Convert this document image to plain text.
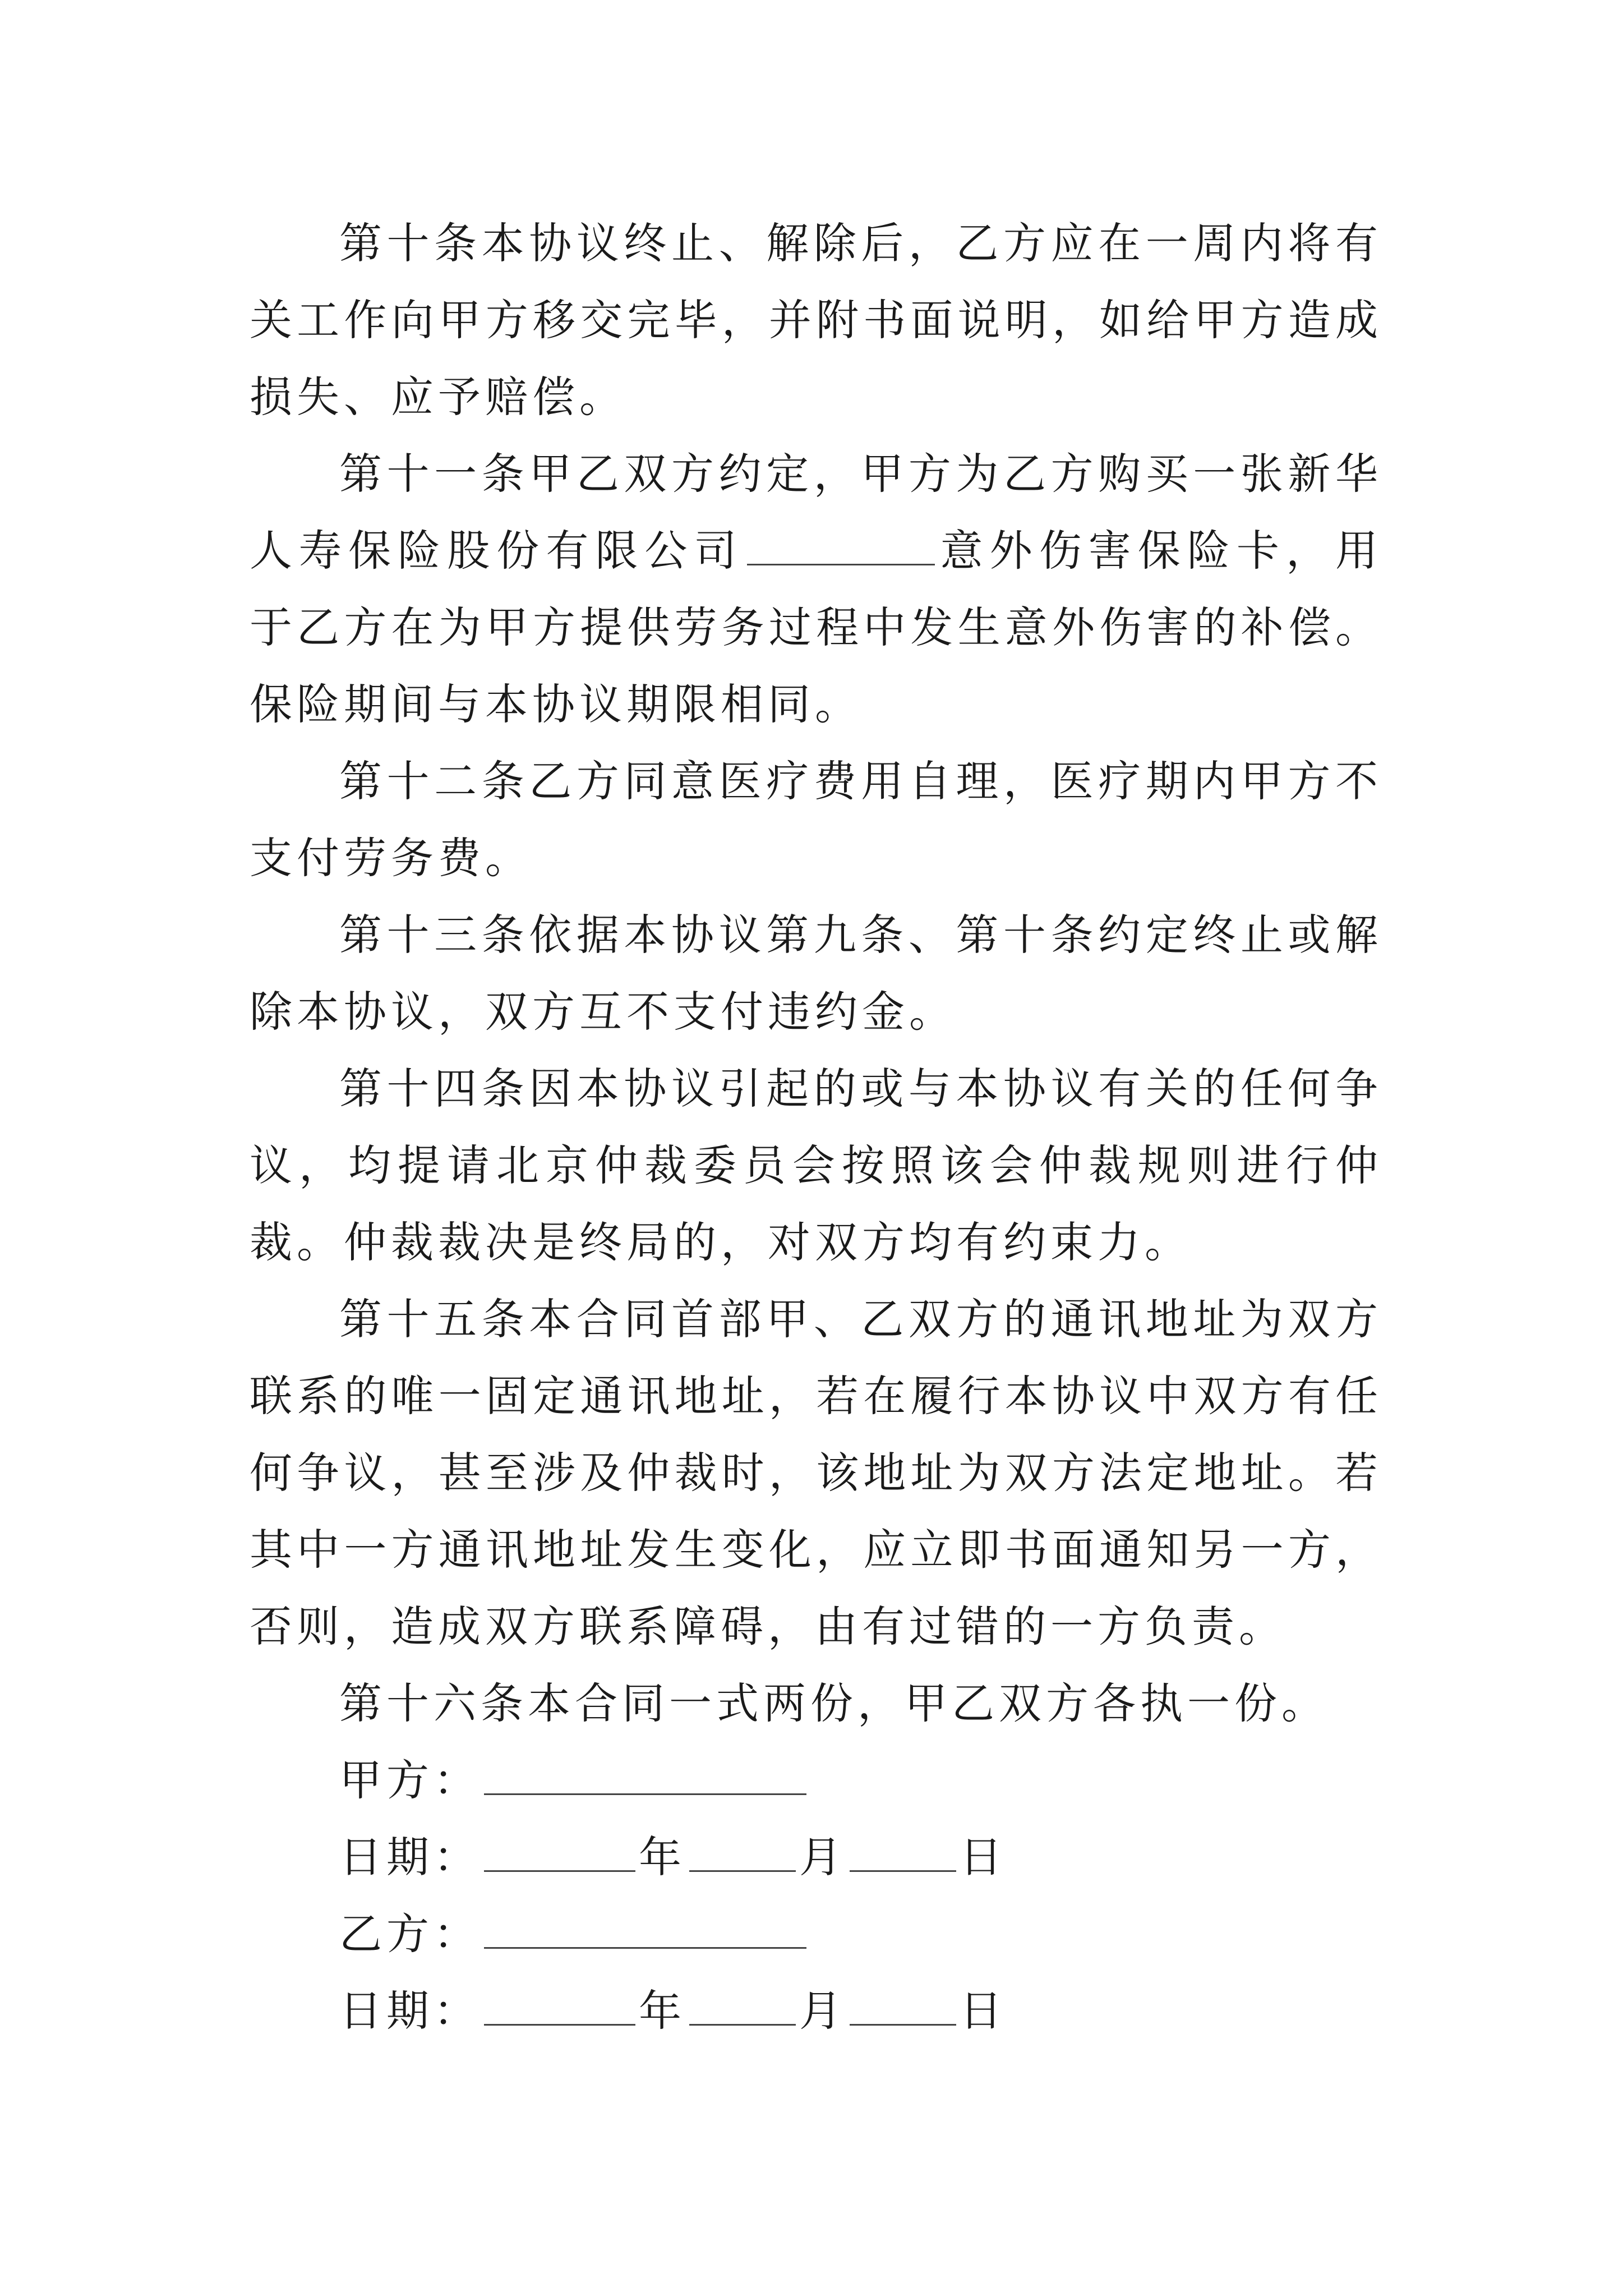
第十条本协议终止、解除后，乙方应在一周内将有关工作向甲方移交完毕，并附书面说明，如给甲方造成损失、应予赔偿。

第十一条甲乙双方约定，甲方为乙方购买一张新华人寿保险股份有限公司	意外伤害保险卡，用于乙方在为甲方提供劳务过程中发生意外伤害的补偿。保险期间与本协议期限相同。

第十二条乙方同意医疗费用自理，医疗期内甲方不支付劳务费。

第十三条依据本协议第九条、第十条约定终止或解除本协议，双方互不支付违约金。

第十四条因本协议引起的或与本协议有关的任何争议，均提请北京仲裁委员会按照该会仲裁规则进行仲裁。仲裁裁决是终局的，对双方均有约束力。

第十五条本合同首部甲、乙双方的通讯地址为双方联系的唯一固定通讯地址，若在履行本协议中双方有任何争议，甚至涉及仲裁时，该地址为双方法定地址。若其中一方通讯地址发生变化，应立即书面通知另一方，否则，造成双方联系障碍，由有过错的一方负责。

第十六条本合同一式两份，甲乙双方各执一份。

甲方：
日期：	年	月	日
乙方：
日期：	年	月	日
